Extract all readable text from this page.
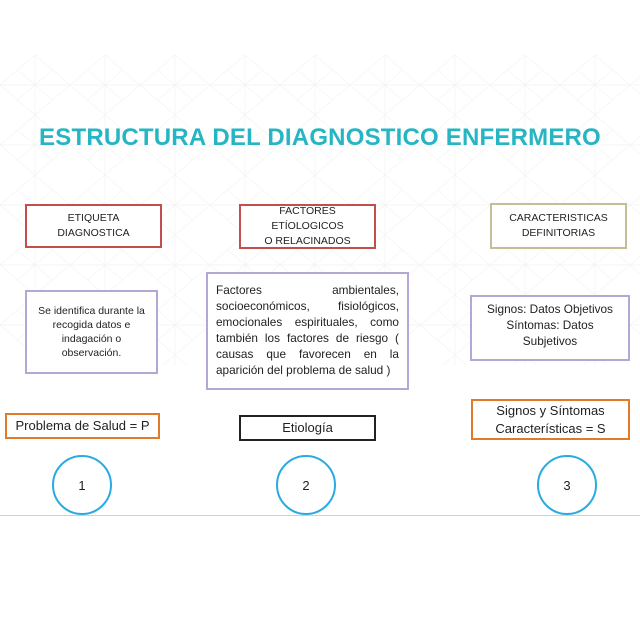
ESTRUCTURA DEL DIAGNOSTICO ENFERMERO
ETIQUETA DIAGNOSTICA
Se identifica durante la recogida datos e indagación o observación.
Problema de Salud = P
1
FACTORES ETÍOLOGICOS
O RELACINADOS
Factores ambientales, socioeconómicos, fisiológicos, emocionales espirituales, como también los factores de riesgo ( causas que favorecen en la aparición del problema de salud )
Etiología
2
CARACTERISTICAS
DEFINITORIAS
Signos: Datos Objetivos
Síntomas: Datos
Subjetivos
Signos y Síntomas
Características = S
3
